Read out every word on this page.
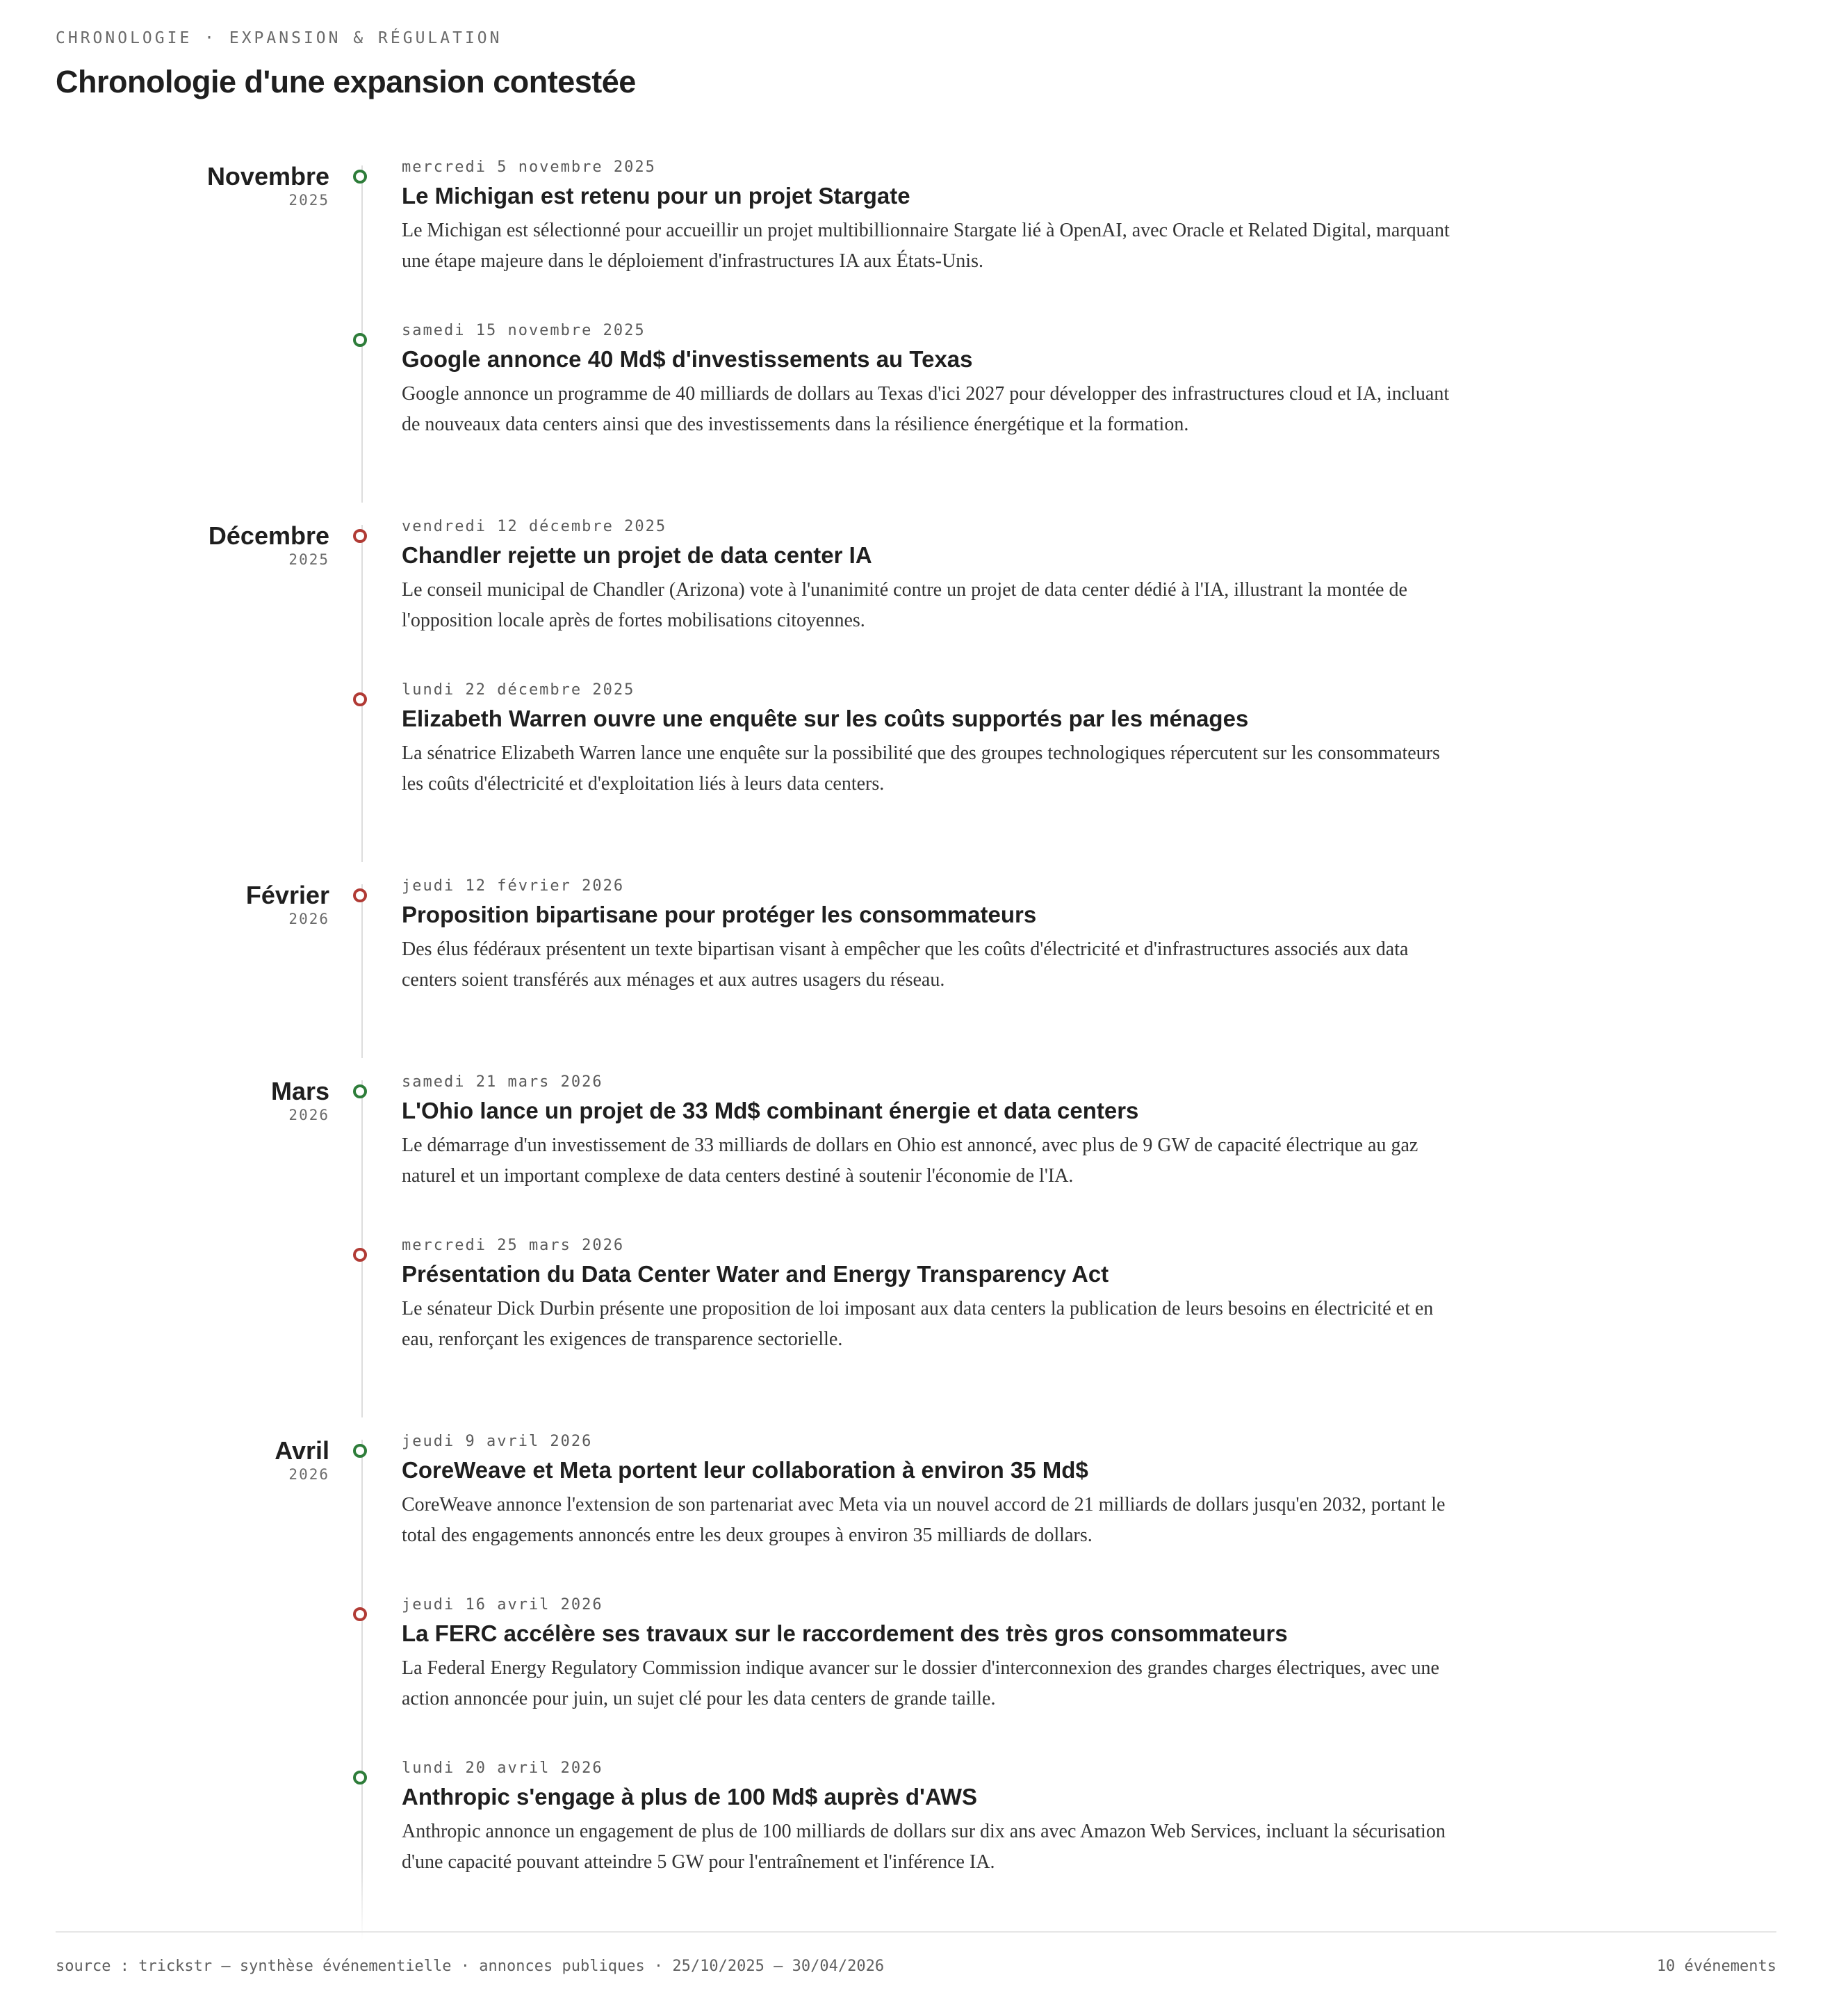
CHRONOLOGIE · EXPANSION & RÉGULATION
Chronologie d'une expansion contestée
Novembre
2025
mercredi 5 novembre 2025
Le Michigan est retenu pour un projet Stargate
Le Michigan est sélectionné pour accueillir un projet multibillionnaire Stargate lié à OpenAI, avec Oracle et Related Digital, marquant une étape majeure dans le déploiement d'infrastructures IA aux États-Unis.
samedi 15 novembre 2025
Google annonce 40 Md$ d'investissements au Texas
Google annonce un programme de 40 milliards de dollars au Texas d'ici 2027 pour développer des infrastructures cloud et IA, incluant de nouveaux data centers ainsi que des investissements dans la résilience énergétique et la formation.
Décembre
2025
vendredi 12 décembre 2025
Chandler rejette un projet de data center IA
Le conseil municipal de Chandler (Arizona) vote à l'unanimité contre un projet de data center dédié à l'IA, illustrant la montée de l'opposition locale après de fortes mobilisations citoyennes.
lundi 22 décembre 2025
Elizabeth Warren ouvre une enquête sur les coûts supportés par les ménages
La sénatrice Elizabeth Warren lance une enquête sur la possibilité que des groupes technologiques répercutent sur les consommateurs les coûts d'électricité et d'exploitation liés à leurs data centers.
Février
2026
jeudi 12 février 2026
Proposition bipartisane pour protéger les consommateurs
Des élus fédéraux présentent un texte bipartisan visant à empêcher que les coûts d'électricité et d'infrastructures associés aux data centers soient transférés aux ménages et aux autres usagers du réseau.
Mars
2026
samedi 21 mars 2026
L'Ohio lance un projet de 33 Md$ combinant énergie et data centers
Le démarrage d'un investissement de 33 milliards de dollars en Ohio est annoncé, avec plus de 9 GW de capacité électrique au gaz naturel et un important complexe de data centers destiné à soutenir l'économie de l'IA.
mercredi 25 mars 2026
Présentation du Data Center Water and Energy Transparency Act
Le sénateur Dick Durbin présente une proposition de loi imposant aux data centers la publication de leurs besoins en électricité et en eau, renforçant les exigences de transparence sectorielle.
Avril
2026
jeudi 9 avril 2026
CoreWeave et Meta portent leur collaboration à environ 35 Md$
CoreWeave annonce l'extension de son partenariat avec Meta via un nouvel accord de 21 milliards de dollars jusqu'en 2032, portant le total des engagements annoncés entre les deux groupes à environ 35 milliards de dollars.
jeudi 16 avril 2026
La FERC accélère ses travaux sur le raccordement des très gros consommateurs
La Federal Energy Regulatory Commission indique avancer sur le dossier d'interconnexion des grandes charges électriques, avec une action annoncée pour juin, un sujet clé pour les data centers de grande taille.
lundi 20 avril 2026
Anthropic s'engage à plus de 100 Md$ auprès d'AWS
Anthropic annonce un engagement de plus de 100 milliards de dollars sur dix ans avec Amazon Web Services, incluant la sécurisation d'une capacité pouvant atteindre 5 GW pour l'entraînement et l'inférence IA.
source : trickstr — synthèse événementielle · annonces publiques · 25/10/2025 — 30/04/2026	10 événements
